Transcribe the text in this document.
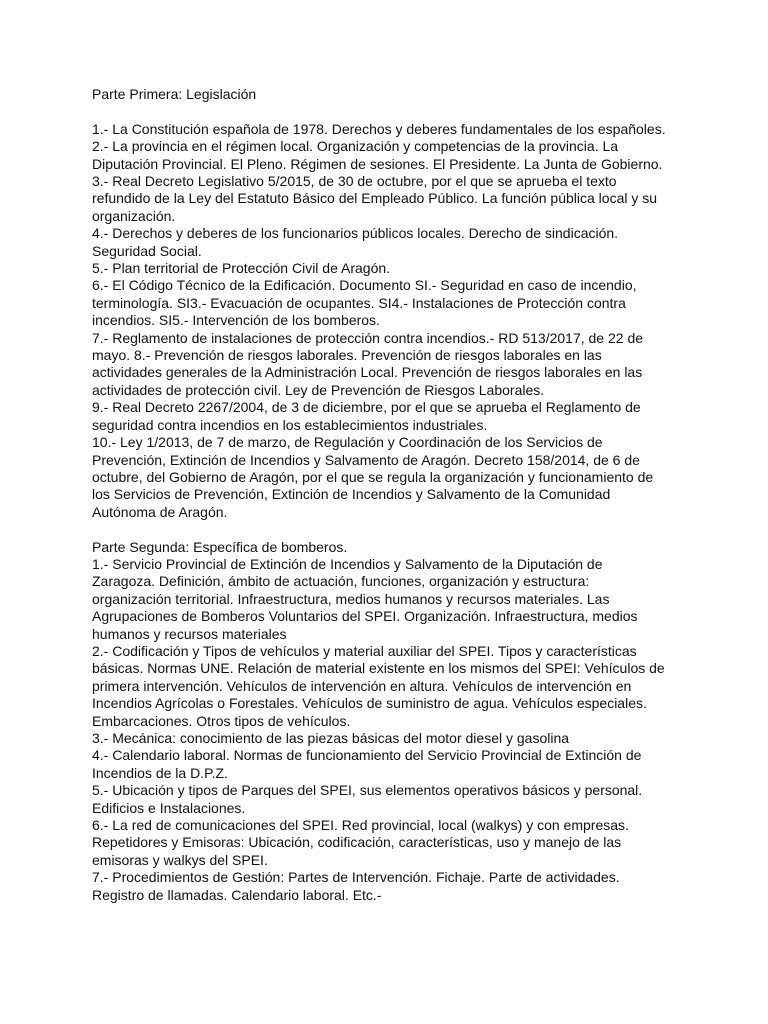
Parte Primera: Legislación
1.- La Constitución española de 1978. Derechos y deberes fundamentales de los españoles.
2.- La provincia en el régimen local. Organización y competencias de la provincia. La
Diputación Provincial. El Pleno. Régimen de sesiones. El Presidente. La Junta de Gobierno.
3.- Real Decreto Legislativo 5/2015, de 30 de octubre, por el que se aprueba el texto
refundido de la Ley del Estatuto Básico del Empleado Público. La función pública local y su
organización.
4.- Derechos y deberes de los funcionarios públicos locales. Derecho de sindicación.
Seguridad Social.
5.- Plan territorial de Protección Civil de Aragón.
6.- El Código Técnico de la Edificación. Documento SI.- Seguridad en caso de incendio,
terminología. SI3.- Evacuación de ocupantes. SI4.- Instalaciones de Protección contra
incendios. SI5.- Intervención de los bomberos.
7.- Reglamento de instalaciones de protección contra incendios.- RD 513/2017, de 22 de
mayo. 8.- Prevención de riesgos laborales. Prevención de riesgos laborales en las
actividades generales de la Administración Local. Prevención de riesgos laborales en las
actividades de protección civil. Ley de Prevención de Riesgos Laborales.
9.- Real Decreto 2267/2004, de 3 de diciembre, por el que se aprueba el Reglamento de
seguridad contra incendios en los establecimientos industriales.
10.- Ley 1/2013, de 7 de marzo, de Regulación y Coordinación de los Servicios de
Prevención, Extinción de Incendios y Salvamento de Aragón. Decreto 158/2014, de 6 de
octubre, del Gobierno de Aragón, por el que se regula la organización y funcionamiento de
los Servicios de Prevención, Extinción de Incendios y Salvamento de la Comunidad
Autónoma de Aragón.
Parte Segunda: Específica de bomberos.
1.- Servicio Provincial de Extinción de Incendios y Salvamento de la Diputación de
Zaragoza. Definición, ámbito de actuación, funciones, organización y estructura:
organización territorial. Infraestructura, medios humanos y recursos materiales. Las
Agrupaciones de Bomberos Voluntarios del SPEI. Organización. Infraestructura, medios
humanos y recursos materiales
2.- Codificación y Tipos de vehículos y material auxiliar del SPEI. Tipos y características
básicas. Normas UNE. Relación de material existente en los mismos del SPEI: Vehículos de
primera intervención. Vehículos de intervención en altura. Vehículos de intervención en
Incendios Agrícolas o Forestales. Vehículos de suministro de agua. Vehículos especiales.
Embarcaciones. Otros tipos de vehículos.
3.- Mecánica: conocimiento de las piezas básicas del motor diesel y gasolina
4.- Calendario laboral. Normas de funcionamiento del Servicio Provincial de Extinción de
Incendios de la D.P.Z.
5.- Ubicación y tipos de Parques del SPEI, sus elementos operativos básicos y personal.
Edificios e Instalaciones.
6.- La red de comunicaciones del SPEI. Red provincial, local (walkys) y con empresas.
Repetidores y Emisoras: Ubicación, codificación, características, uso y manejo de las
emisoras y walkys del SPEI.
7.- Procedimientos de Gestión: Partes de Intervención. Fichaje. Parte de actividades.
Registro de llamadas. Calendario laboral. Etc.-
